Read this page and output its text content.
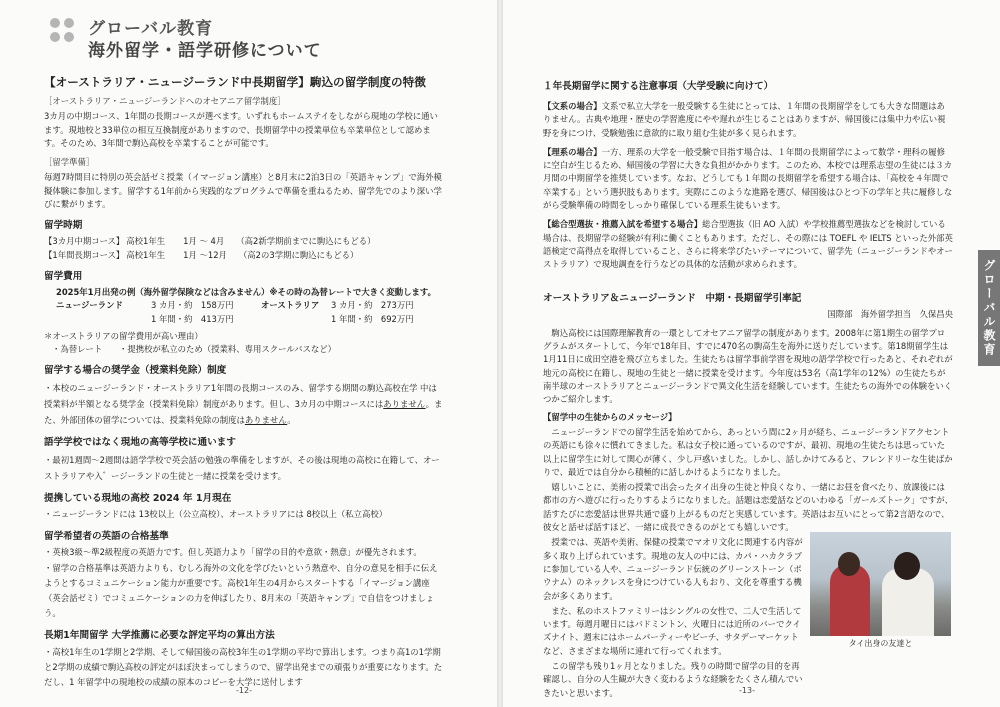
グローバル教育
海外留学・語学研修について
【オーストラリア・ニュージーランド中長期留学】駒込の留学制度の特徴
［オーストラリア・ニュージーランドへのオセアニア留学制度］
3カ月の中期コース、1年間の長期コースが選べます。いずれもホームステイをしながら現地の学校に通います。現地校と33単位の相互互換制度がありますので、長期留学中の授業単位も卒業単位として認めます。そのため、3年間で駒込高校を卒業することが可能です。
［留学準備］
毎週7時間目に特別の英会話ゼミ授業（イマージョン講座）と8月末に2泊3日の「英語キャンプ」で海外模擬体験に参加します。留学する1年前から実践的なプログラムで準備を重ねるため、留学先でのより深い学びに繋がります。
留学時期
【3カ月中期コース】 高校1年生 1月 〜 4月 （高2新学期前までに駒込にもどる）
【1年間長期コース】 高校1年生 1月 〜12月 （高2の3学期に駒込にもどる）
留学費用
2025年1月出発の例（海外留学保険などは含みません）※その時の為替レートで大きく変動します。
ニュージーランド	3 カ月・約　158万円
1 年間・約　413万円
オーストラリア	3 カ月・約　273万円
1 年間・約　692万円
＊オーストラリアの留学費用が高い理由）
・為替レート　　・提携校が私立のため（授業料、専用スクールバスなど）
留学する場合の奨学金（授業料免除）制度
・本校のニュージーランド・オーストラリア1年間の長期コースのみ、留学する期間の駒込高校在学 中は授業料が半額となる奨学金（授業料免除）制度があります。但し、3カ月の中期コースにはありません。また、外部団体の留学については、授業料免除の制度はありません。
語学学校ではなく現地の高等学校に通います
・最初1週間〜2週間は語学学校で英会話の勉強の準備をしますが、その後は現地の高校に在籍して、オーストラリアや入゛ージーランドの生徒と一緒に授業を受けます。
提携している現地の高校 2024 年 1月現在
・ニュージーランドには 13校以上（公立高校）、オーストラリアには 8校以上（私立高校）
留学希望者の英語の合格基準
・英検3級〜準2級程度の英語力です。但し英語力より「留学の目的や意欲・熱意」が優先されます。
・留学の合格基準は英語力よりも、むしろ海外の文化を学びたいという熱意や、自分の意見を相手に伝えようとするコミュニケーション能力が重要です。高校1年生の4月からスタートする「イマージョン講座（英会話ゼミ）でコミュニケーションの力を伸ばしたり、8月末の「英語キャンプ」で自信をつけましょう。
長期1年間留学 大学推薦に必要な評定平均の算出方法
・高校1年生の1学期と2学期、そして帰国後の高校3年生の1学期の平均で算出します。つまり高1の1学期と2学期の成績で駒込高校の評定がほぼ決まってしまうので、留学出発までの頑張りが重要になります。ただし、1 年留学中の現地校の成績の原本のコピーを大学に送付します
-12-
１年長期留学に関する注意事項（大学受験に向けて）
【文系の場合】文系で私立大学を一般受験する生徒にとっては、１年間の長期留学をしても大きな問題はありません。古典や地理・歴史の学習進度にやや遅れが生じることはありますが、帰国後には集中力や広い視野を身につけ、受験勉強に意欲的に取り組む生徒が多く見られます。
【理系の場合】一方、理系の大学を一般受験で目指す場合は、１年間の長期留学によって数学・理科の履修に空白が生じるため、帰国後の学習に大きな負担がかかります。このため、本校では理系志望の生徒には３カ月間の中期留学を推奨しています。なお、どうしても１年間の長期留学を希望する場合は、「高校を４年間で卒業する」という選択肢もあります。実際にこのような進路を選び、帰国後はひとつ下の学年と共に履修しながら受験準備の時間をしっかり確保している理系生徒もいます。
【総合型選抜・推薦入試を希望する場合】総合型選抜（旧 AO 入試）や学校推薦型選抜などを検討している場合は、長期留学の経験が有利に働くこともあります。ただし、その際には TOEFL や IELTS といった外部英語検定で高得点を取得していること、さらに将来学びたいテーマについて、留学先（ニュージーランドやオーストラリア）で現地調査を行うなどの具体的な活動が求められます。
オーストラリア＆ニュージーランド　中期・長期留学引率記
国際部　海外留学担当　久保昌央
駒込高校には国際理解教育の一環としてオセアニア留学の制度があります。2008年に第1期生の留学プログラムがスタートして、今年で18年目、すでに470名の駒高生を海外に送りだしています。第18期留学生は1月11日に成田空港を飛び立ちました。生徒たちは留学事前学習を現地の語学学校で行ったあと、それぞれが地元の高校に在籍し、現地の生徒と一緒に授業を受けます。今年度は53名（高1学年の12%）の生徒たちが南半球のオーストラリアとニュージーランドで異文化生活を経験しています。生徒たちの海外での体験をいくつかご紹介します。
【留学中の生徒からのメッセージ】
ニュージーランドでの留学生活を始めてから、あっという間に2ヶ月が経ち、ニュージーランドアクセントの英語にも徐々に慣れてきました。私は女子校に通っているのですが、最初、現地の生徒たちは思っていた以上に留学生に対して関心が薄く、少し戸惑いました。しかし、話しかけてみると、フレンドリーな生徒ばかりで、最近では自分から積極的に話しかけるようになりました。
嬉しいことに、美術の授業で出会ったタイ出身の生徒と仲良くなり、一緒にお昼を食べたり、放課後には都市の方へ遊びに行ったりするようになりました。話題は恋愛話などのいわゆる「ガールズトーク」ですが、話すたびに恋愛話は世界共通で盛り上がるものだと実感しています。英語はお互いにとって第2言語なので、彼女と話せば話すほど、一緒に成長できるのがとても嬉しいです。
授業では、英語や美術、保健の授業でマオリ文化に関連する内容が多く取り上げられています。現地の友人の中には、カパ・ハカクラブに参加している人や、ニュージーランド伝統のグリーンストーン（ポウナム）のネックレスを身につけている人もおり、文化を尊重する機会が多くあります。
また、私のホストファミリーはシングルの女性で、二人で生活しています。毎週月曜日にはバドミントン、火曜日には近所のバーでクイズナイト、週末にはホームパーティーやビーチ、サタデーマーケットなど、さまざまな場所に連れて行ってくれます。
この留学も残り1ヶ月となりました。残りの時間で留学の目的を再確認し、自分の人生観が大きく変わるような経験をたくさん積んでいきたいと思います。
タイ出身の友達と
グローバル教育
-13-
